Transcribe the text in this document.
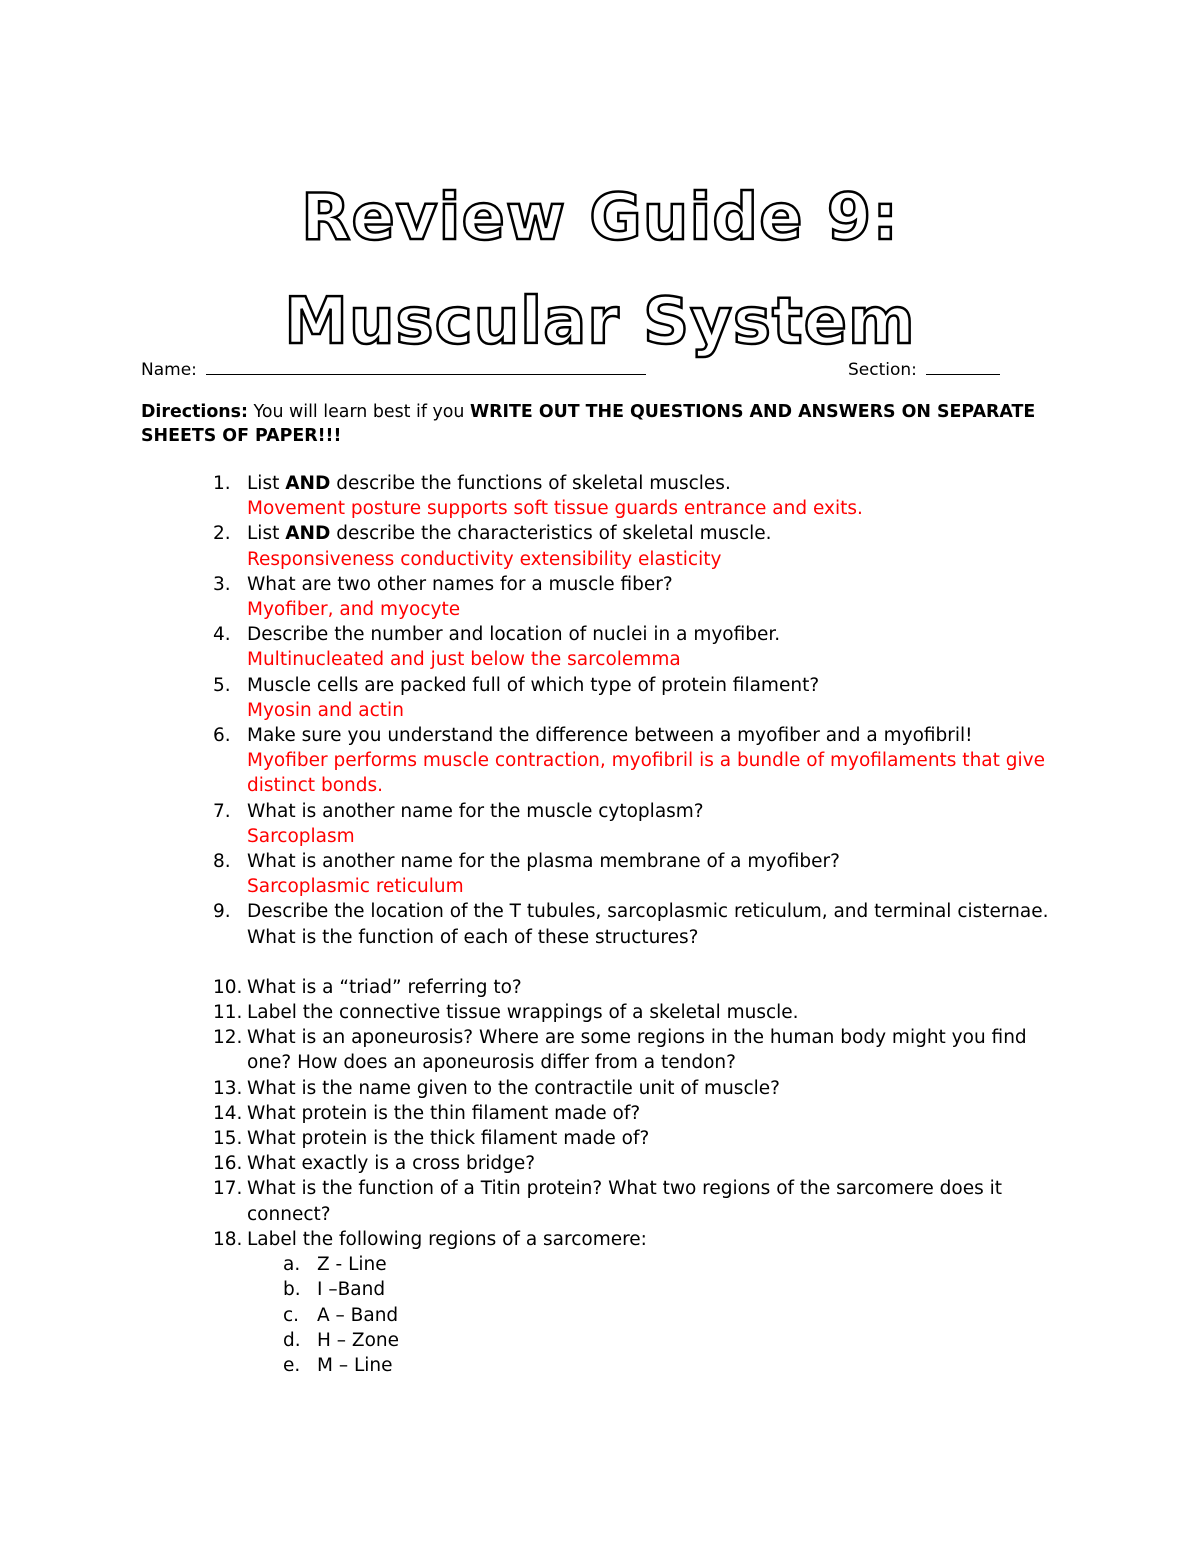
Review Guide 9:
Muscular System
Name:	Section:
Directions: You will learn best if you WRITE OUT THE QUESTIONS AND ANSWERS ON SEPARATE SHEETS OF PAPER!!!
1. List AND describe the functions of skeletal muscles.
Movement posture supports soft tissue guards entrance and exits.
2. List AND describe the characteristics of skeletal muscle.
Responsiveness conductivity extensibility elasticity
3. What are two other names for a muscle fiber?
Myofiber, and myocyte
4. Describe the number and location of nuclei in a myofiber.
Multinucleated and just below the sarcolemma
5. Muscle cells are packed full of which type of protein filament?
Myosin and actin
6. Make sure you understand the difference between a myofiber and a myofibril!
Myofiber performs muscle contraction, myofibril is a bundle of myofilaments that give distinct bonds.
7. What is another name for the muscle cytoplasm?
Sarcoplasm
8. What is another name for the plasma membrane of a myofiber?
Sarcoplasmic reticulum
9. Describe the location of the T tubules, sarcoplasmic reticulum, and terminal cisternae. What is the function of each of these structures?
10. What is a “triad” referring to?
11. Label the connective tissue wrappings of a skeletal muscle.
12. What is an aponeurosis? Where are some regions in the human body might you find one? How does an aponeurosis differ from a tendon?
13. What is the name given to the contractile unit of muscle?
14. What protein is the thin filament made of?
15. What protein is the thick filament made of?
16. What exactly is a cross bridge?
17. What is the function of a Titin protein? What two regions of the sarcomere does it connect?
18. Label the following regions of a sarcomere:
a. Z - Line
b. I –Band
c. A – Band
d. H – Zone
e. M – Line
